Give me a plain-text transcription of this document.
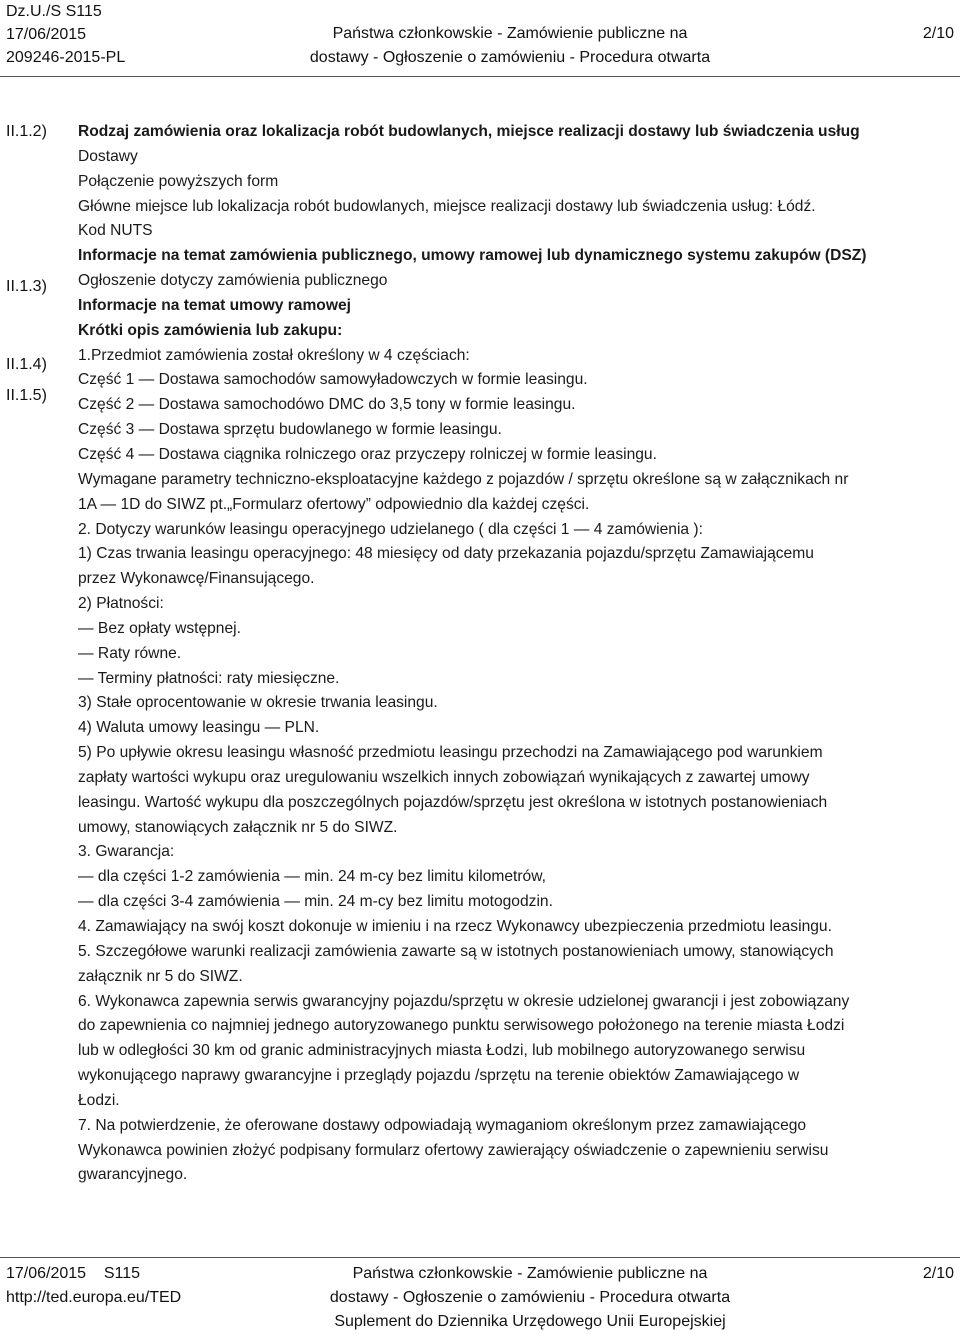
Dz.U./S S115
17/06/2015
209246-2015-PL
Państwa członkowskie - Zamówienie publiczne na
dostawy - Ogłoszenie o zamówieniu - Procedura otwarta
2/10
II.1.2)
II.1.3)
II.1.4)
II.1.5)

Rodzaj zamówienia oraz lokalizacja robót budowlanych, miejsce realizacji dostawy lub świadczenia usług

Dostawy

Połączenie powyższych form

Główne miejsce lub lokalizacja robót budowlanych, miejsce realizacji dostawy lub świadczenia usług: Łódź.

Kod NUTS

Informacje na temat zamówienia publicznego, umowy ramowej lub dynamicznego systemu zakupów (DSZ)

Ogłoszenie dotyczy zamówienia publicznego

Informacje na temat umowy ramowej

Krótki opis zamówienia lub zakupu:

1.Przedmiot zamówienia został określony w 4 częściach:

Część 1 — Dostawa samochodów samowyładowczych w formie leasingu.

Część 2 — Dostawa samochodówo DMC do 3,5 tony w formie leasingu.

Część 3 — Dostawa sprzętu budowlanego w formie leasingu.

Część 4 — Dostawa ciągnika rolniczego oraz przyczepy rolniczej w formie leasingu.

Wymagane parametry techniczno-eksploatacyjne każdego z pojazdów / sprzętu określone są w załącznikach nr

1A — 1D do SIWZ pt.„Formularz ofertowy” odpowiednio dla każdej części.

2. Dotyczy warunków leasingu operacyjnego udzielanego ( dla części 1 — 4 zamówienia ):

1) Czas trwania leasingu operacyjnego: 48 miesięcy od daty przekazania pojazdu/sprzętu Zamawiającemu

przez Wykonawcę/Finansującego.

2) Płatności:

— Bez opłaty wstępnej.

— Raty równe.

— Terminy płatności: raty miesięczne.

3) Stałe oprocentowanie w okresie trwania leasingu.

4) Waluta umowy leasingu — PLN.

5) Po upływie okresu leasingu własność przedmiotu leasingu przechodzi na Zamawiającego pod warunkiem

zapłaty wartości wykupu oraz uregulowaniu wszelkich innych zobowiązań wynikających z zawartej umowy

leasingu. Wartość wykupu dla poszczególnych pojazdów/sprzętu jest określona w istotnych postanowieniach

umowy, stanowiących załącznik nr 5 do SIWZ.

3. Gwarancja:

— dla części 1-2 zamówienia — min. 24 m-cy bez limitu kilometrów,

— dla części 3-4 zamówienia — min. 24 m-cy bez limitu motogodzin.

4. Zamawiający na swój koszt dokonuje w imieniu i na rzecz Wykonawcy ubezpieczenia przedmiotu leasingu.

5. Szczegółowe warunki realizacji zamówienia zawarte są w istotnych postanowieniach umowy, stanowiących

załącznik nr 5 do SIWZ.

6. Wykonawca zapewnia serwis gwarancyjny pojazdu/sprzętu w okresie udzielonej gwarancji i jest zobowiązany

do zapewnienia co najmniej jednego autoryzowanego punktu serwisowego położonego na terenie miasta Łodzi

lub w odległości 30 km od granic administracyjnych miasta Łodzi, lub mobilnego autoryzowanego serwisu

wykonującego naprawy gwarancyjne i przeglądy pojazdu /sprzętu na terenie obiektów Zamawiającego w

Łodzi.

7. Na potwierdzenie, że oferowane dostawy odpowiadają wymaganiom określonym przez zamawiającego

Wykonawca powinien złożyć podpisany formularz ofertowy zawierający oświadczenie o zapewnieniu serwisu

gwarancyjnego.

17/06/2015 S115
http://ted.europa.eu/TED
Państwa członkowskie - Zamówienie publiczne na
dostawy - Ogłoszenie o zamówieniu - Procedura otwarta
Suplement do Dziennika Urzędowego Unii Europejskiej
2/10
